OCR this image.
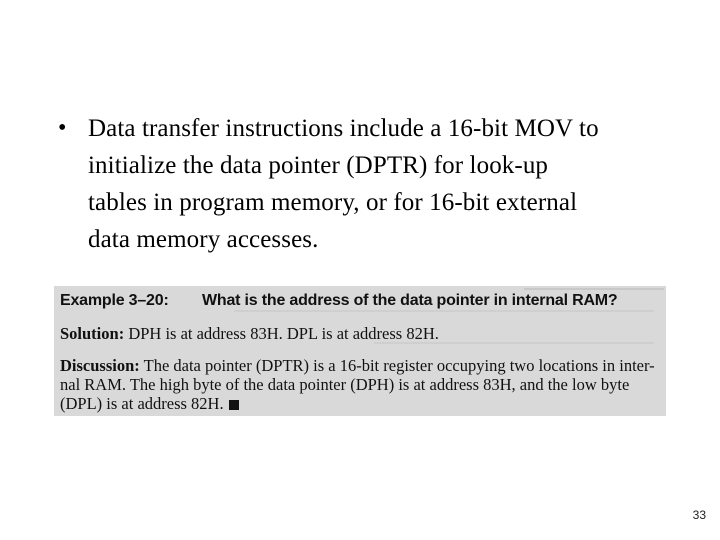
• Data transfer instructions include a 16-bit MOV to
initialize the data pointer (DPTR) for look-up
tables in program memory, or for 16-bit external
data memory accesses.
Example 3–20: What is the address of the data pointer in internal RAM?
Solution: DPH is at address 83H. DPL is at address 82H.
Discussion: The data pointer (DPTR) is a 16-bit register occupying two locations in inter-
nal RAM. The high byte of the data pointer (DPH) is at address 83H, and the low byte
(DPL) is at address 82H.
33
